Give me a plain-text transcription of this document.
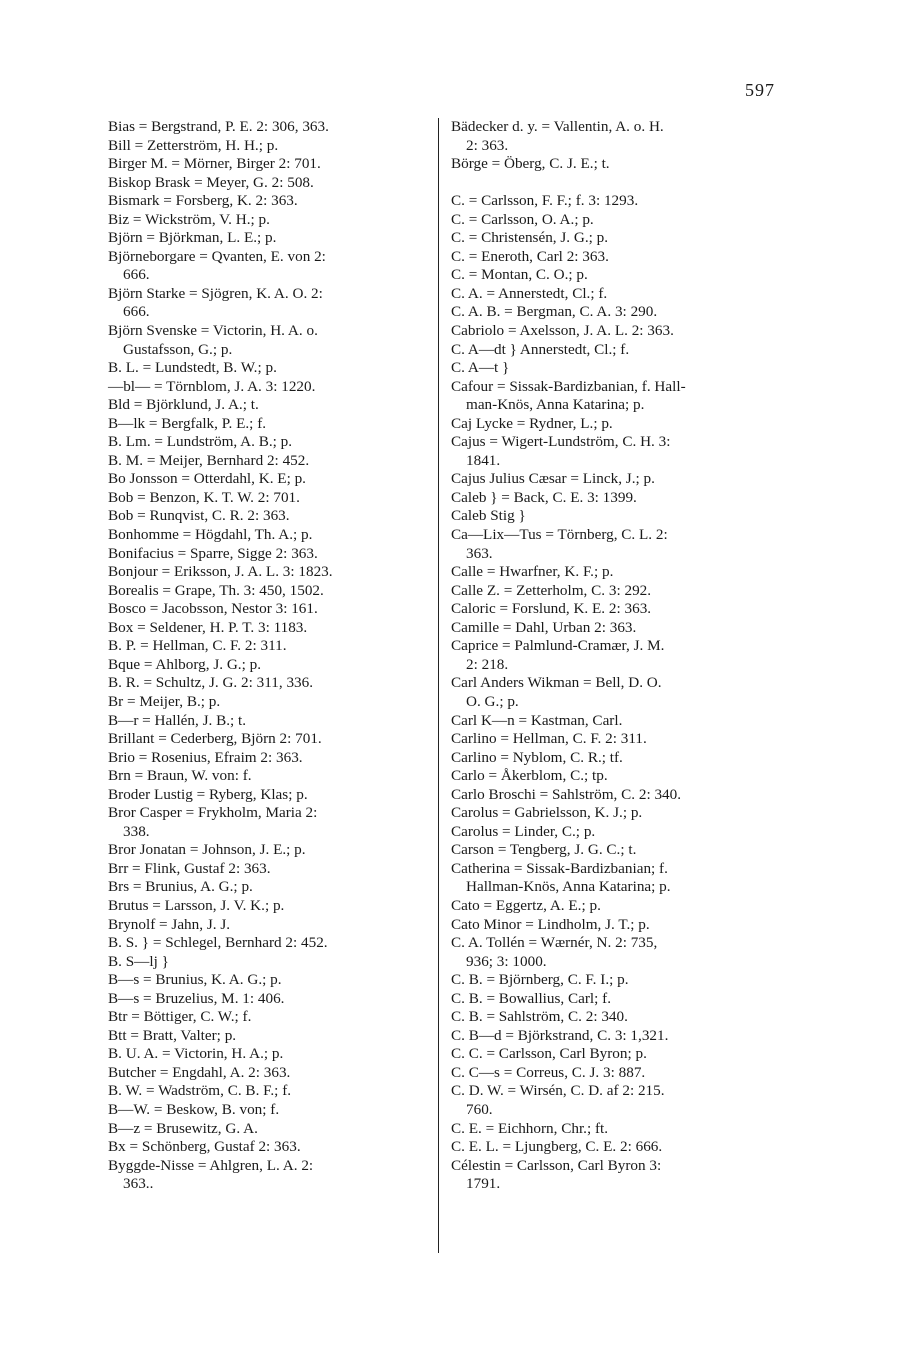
597
Bias = Bergstrand, P. E. 2: 306, 363.
Bill = Zetterström, H. H.; p.
Birger M. = Mörner, Birger 2: 701.
Biskop Brask = Meyer, G. 2: 508.
Bismark = Forsberg, K. 2: 363.
Biz = Wickström, V. H.; p.
Björn = Björkman, L. E.; p.
Björneborgare = Qvanten, E. von 2:
666.
Björn Starke = Sjögren, K. A. O. 2:
666.
Björn Svenske = Victorin, H. A. o.
Gustafsson, G.; p.
B. L. = Lundstedt, B. W.; p.
—bl— = Törnblom, J. A. 3: 1220.
Bld = Björklund, J. A.; t.
B—lk = Bergfalk, P. E.; f.
B. Lm. = Lundström, A. B.; p.
B. M. = Meijer, Bernhard 2: 452.
Bo Jonsson = Otterdahl, K. E; p.
Bob = Benzon, K. T. W. 2: 701.
Bob = Runqvist, C. R. 2: 363.
Bonhomme = Högdahl, Th. A.; p.
Bonifacius = Sparre, Sigge 2: 363.
Bonjour = Eriksson, J. A. L. 3: 1823.
Borealis = Grape, Th. 3: 450, 1502.
Bosco = Jacobsson, Nestor 3: 161.
Box = Seldener, H. P. T. 3: 1183.
B. P. = Hellman, C. F. 2: 311.
Bque = Ahlborg, J. G.; p.
B. R. = Schultz, J. G. 2: 311, 336.
Br = Meijer, B.; p.
B—r = Hallén, J. B.; t.
Brillant = Cederberg, Björn 2: 701.
Brio = Rosenius, Efraim 2: 363.
Brn = Braun, W. von: f.
Broder Lustig = Ryberg, Klas; p.
Bror Casper = Frykholm, Maria 2:
338.
Bror Jonatan = Johnson, J. E.; p.
Brr = Flink, Gustaf 2: 363.
Brs = Brunius, A. G.; p.
Brutus = Larsson, J. V. K.; p.
Brynolf = Jahn, J. J.
B. S. } = Schlegel, Bernhard 2: 452.
B. S—lj }
B—s = Brunius, K. A. G.; p.
B—s = Bruzelius, M. 1: 406.
Btr = Böttiger, C. W.; f.
Btt = Bratt, Valter; p.
B. U. A. = Victorin, H. A.; p.
Butcher = Engdahl, A. 2: 363.
B. W. = Wadström, C. B. F.; f.
B—W. = Beskow, B. von; f.
B—z = Brusewitz, G. A.
Bx = Schönberg, Gustaf 2: 363.
Byggde-Nisse = Ahlgren, L. A. 2:
363..
Bädecker d. y. = Vallentin, A. o. H.
2: 363.
Börge = Öberg, C. J. E.; t.
C. = Carlsson, F. F.; f. 3: 1293.
C. = Carlsson, O. A.; p.
C. = Christensén, J. G.; p.
C. = Eneroth, Carl 2: 363.
C. = Montan, C. O.; p.
C. A. = Annerstedt, Cl.; f.
C. A. B. = Bergman, C. A. 3: 290.
Cabriolo = Axelsson, J. A. L. 2: 363.
C. A—dt } Annerstedt, Cl.; f.
C. A—t }
Cafour = Sissak-Bardizbanian, f. Hall-
man-Knös, Anna Katarina; p.
Caj Lycke = Rydner, L.; p.
Cajus = Wigert-Lundström, C. H. 3:
1841.
Cajus Julius Cæsar = Linck, J.; p.
Caleb } = Back, C. E. 3: 1399.
Caleb Stig }
Ca—Lix—Tus = Törnberg, C. L. 2:
363.
Calle = Hwarfner, K. F.; p.
Calle Z. = Zetterholm, C. 3: 292.
Caloric = Forslund, K. E. 2: 363.
Camille = Dahl, Urban 2: 363.
Caprice = Palmlund-Cramær, J. M.
2: 218.
Carl Anders Wikman = Bell, D. O.
O. G.; p.
Carl K—n = Kastman, Carl.
Carlino = Hellman, C. F. 2: 311.
Carlino = Nyblom, C. R.; tf.
Carlo = Åkerblom, C.; tp.
Carlo Broschi = Sahlström, C. 2: 340.
Carolus = Gabrielsson, K. J.; p.
Carolus = Linder, C.; p.
Carson = Tengberg, J. G. C.; t.
Catherina = Sissak-Bardizbanian; f.
Hallman-Knös, Anna Katarina; p.
Cato = Eggertz, A. E.; p.
Cato Minor = Lindholm, J. T.; p.
C. A. Tollén = Wærnér, N. 2: 735,
936; 3: 1000.
C. B. = Björnberg, C. F. I.; p.
C. B. = Bowallius, Carl; f.
C. B. = Sahlström, C. 2: 340.
C. B—d = Björkstrand, C. 3: 1,321.
C. C. = Carlsson, Carl Byron; p.
C. C—s = Correus, C. J. 3: 887.
C. D. W. = Wirsén, C. D. af 2: 215.
760.
C. E. = Eichhorn, Chr.; ft.
C. E. L. = Ljungberg, C. E. 2: 666.
Célestin = Carlsson, Carl Byron 3:
1791.
